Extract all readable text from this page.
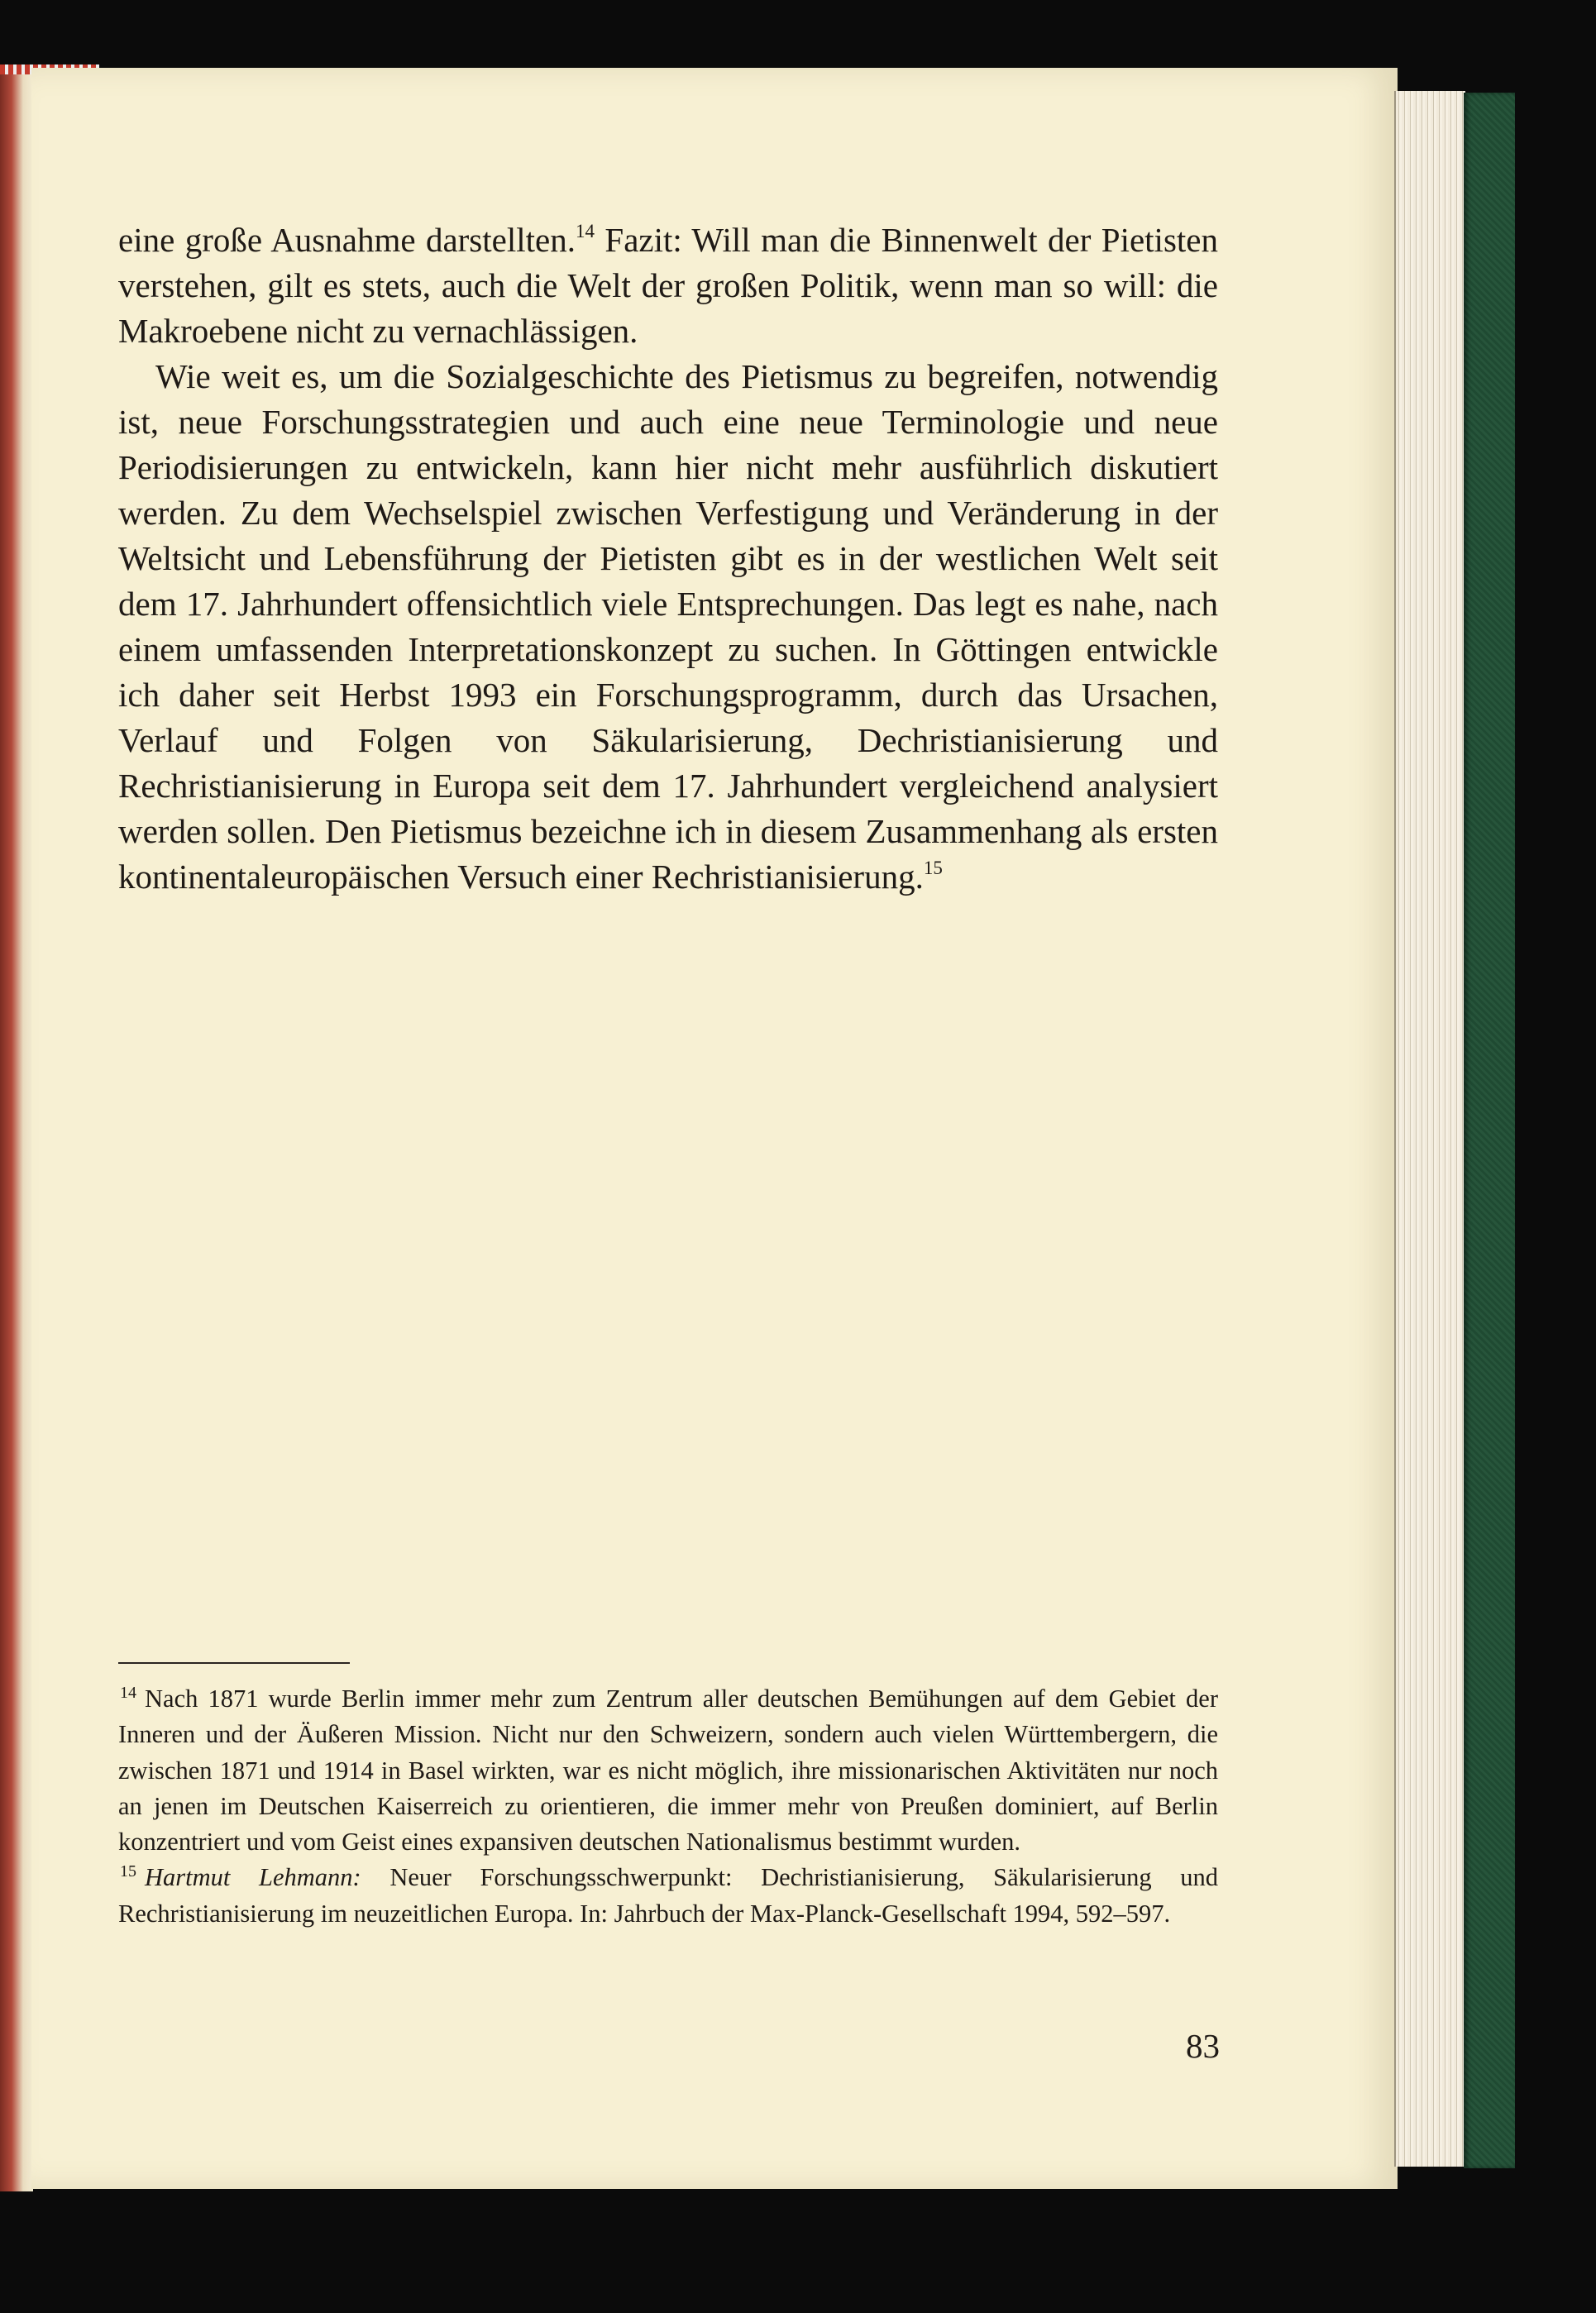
eine große Ausnahme darstellten.$^{14}$ Fazit: Will man die Binnenwelt der Pietisten verstehen, gilt es stets, auch die Welt der großen Politik, wenn man so will: die Makroebene nicht zu vernachlässigen.

Wie weit es, um die Sozialgeschichte des Pietismus zu begreifen, notwendig ist, neue Forschungsstrategien und auch eine neue Terminologie und neue Periodisierungen zu entwickeln, kann hier nicht mehr ausführlich diskutiert werden. Zu dem Wechselspiel zwischen Verfestigung und Veränderung in der Weltsicht und Lebensführung der Pietisten gibt es in der westlichen Welt seit dem 17. Jahrhundert offensichtlich viele Entsprechungen. Das legt es nahe, nach einem umfassenden Interpretationskonzept zu suchen. In Göttingen entwickle ich daher seit Herbst 1993 ein Forschungsprogramm, durch das Ursachen, Verlauf und Folgen von Säkularisierung, Dechristianisierung und Rechristianisierung in Europa seit dem 17. Jahrhundert vergleichend analysiert werden sollen. Den Pietismus bezeichne ich in diesem Zusammenhang als ersten kontinentaleuropäischen Versuch einer Rechristianisierung.$^{15}$

$^{14}$ Nach 1871 wurde Berlin immer mehr zum Zentrum aller deutschen Bemühungen auf dem Gebiet der Inneren und der Äußeren Mission. Nicht nur den Schweizern, sondern auch vielen Württembergern, die zwischen 1871 und 1914 in Basel wirkten, war es nicht möglich, ihre missionarischen Aktivitäten nur noch an jenen im Deutschen Kaiserreich zu orientieren, die immer mehr von Preußen dominiert, auf Berlin konzentriert und vom Geist eines expansiven deutschen Nationalismus bestimmt wurden.

$^{15}$ Hartmut Lehmann: Neuer Forschungsschwerpunkt: Dechristianisierung, Säkularisierung und Rechristianisierung im neuzeitlichen Europa. In: Jahrbuch der Max-Planck-Gesellschaft 1994, 592–597.

83
